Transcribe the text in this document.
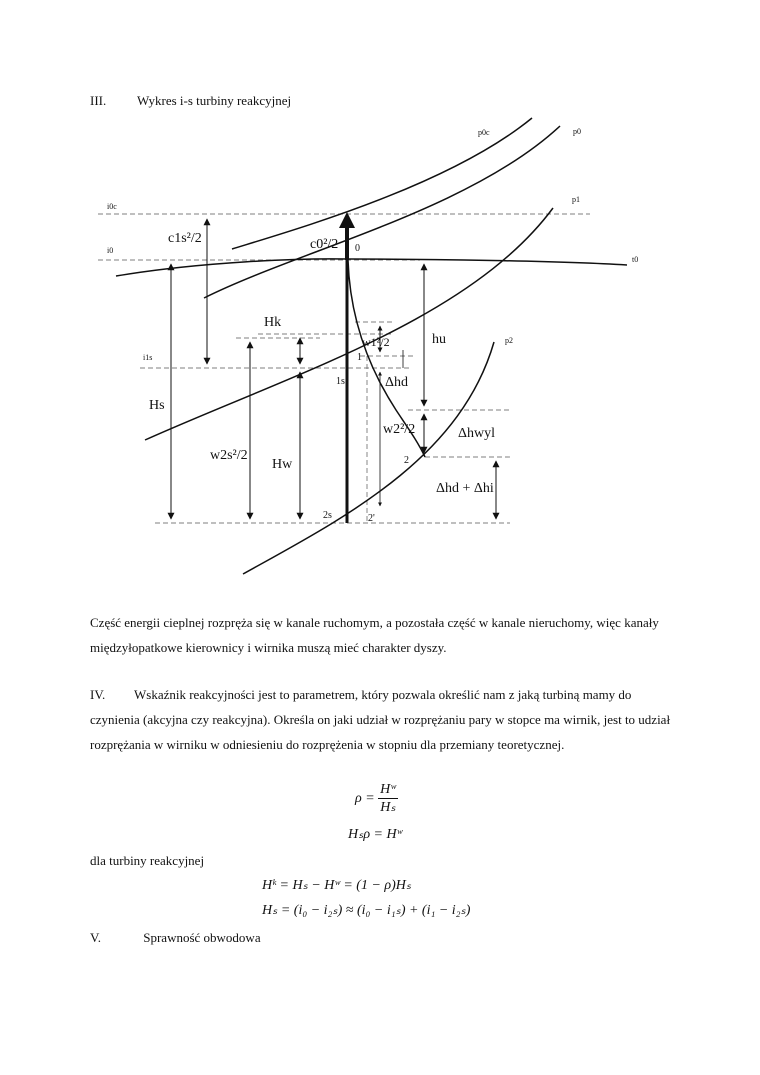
III. Wykres i-s turbiny reakcyjnej
p0c	p0
p1
p2
t0
i0c
i0
i1s
0
1
1s
2
2s	2'
c1s²/2	c0²/2
Hk
w1²/2	hu
Δhd
Hs
w2²/2	Δhwyl
w2s²/2
Hw
Δhd + Δhi
Część energii cieplnej rozpręża się w kanale ruchomym, a pozostała część w kanale nieruchomy, więc kanały międzyłopatkowe kierownicy i wirnika muszą mieć charakter dyszy.
IV. Wskaźnik reakcyjności jest to parametrem, który pozwala określić nam z jaką turbiną mamy do czynienia (akcyjna czy reakcyjna). Określa on jaki udział w rozprężaniu pary w stopce ma wirnik, jest to udział rozprężania w wirniku w odniesieniu do rozprężenia w stopniu dla przemiany teoretycznej.
$\rho = \frac{\text{Hʷ}}{\text{Hₛ}}$
Hₛρ = Hʷ
dla turbiny reakcyjnej
Hᵏ = Hₛ − Hʷ = (1 − ρ)Hₛ
Hₛ = (i₀ − i₂ₛ) ≈ (i₀ − i₁ₛ) + (i₁ − i₂ₛ)
V.	Sprawność obwodowa
